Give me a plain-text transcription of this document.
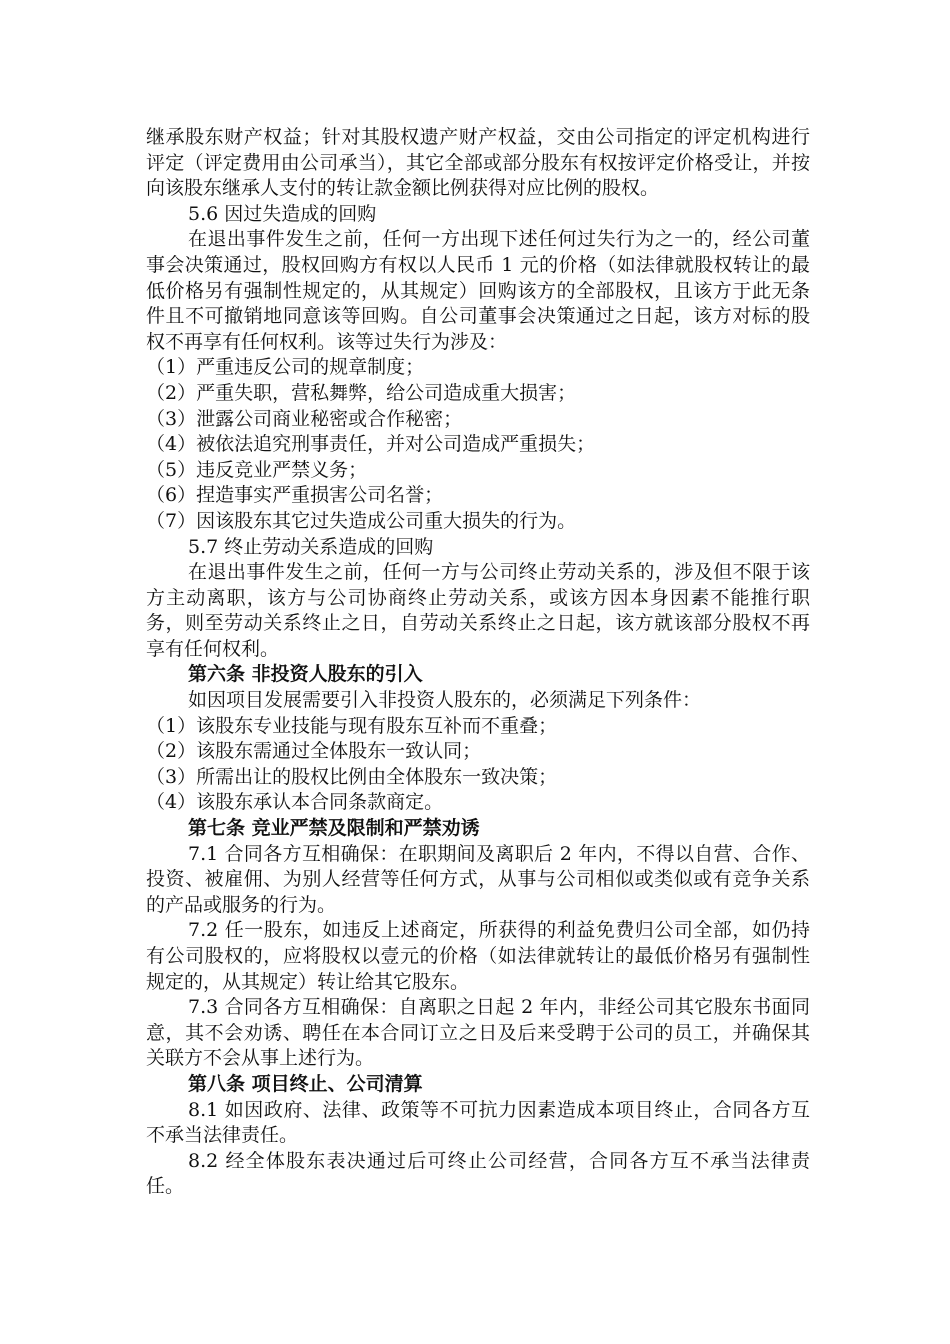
继承股东财产权益；针对其股权遗产财产权益，交由公司指定的评定机构进行评定（评定费用由公司承当），其它全部或部分股东有权按评定价格受让，并按向该股东继承人支付的转让款金额比例获得对应比例的股权。

5.6 因过失造成的回购

在退出事件发生之前，任何一方出现下述任何过失行为之一的，经公司董事会决策通过，股权回购方有权以人民币 1 元的价格（如法律就股权转让的最低价格另有强制性规定的，从其规定）回购该方的全部股权，且该方于此无条件且不可撤销地同意该等回购。自公司董事会决策通过之日起，该方对标的股权不再享有任何权利。该等过失行为涉及：

（1）严重违反公司的规章制度；

（2）严重失职，营私舞弊，给公司造成重大损害；

（3）泄露公司商业秘密或合作秘密；

（4）被依法追究刑事责任，并对公司造成严重损失；

（5）违反竞业严禁义务；

（6）捏造事实严重损害公司名誉；

（7）因该股东其它过失造成公司重大损失的行为。

5.7 终止劳动关系造成的回购

在退出事件发生之前，任何一方与公司终止劳动关系的，涉及但不限于该方主动离职，该方与公司协商终止劳动关系，或该方因本身因素不能推行职务，则至劳动关系终止之日，自劳动关系终止之日起，该方就该部分股权不再享有任何权利。

第六条 非投资人股东的引入

如因项目发展需要引入非投资人股东的，必须满足下列条件：

（1）该股东专业技能与现有股东互补而不重叠；

（2）该股东需通过全体股东一致认同；

（3）所需出让的股权比例由全体股东一致决策；

（4）该股东承认本合同条款商定。

第七条 竞业严禁及限制和严禁劝诱

7.1 合同各方互相确保：在职期间及离职后 2 年内，不得以自营、合作、投资、被雇佣、为别人经营等任何方式，从事与公司相似或类似或有竞争关系的产品或服务的行为。

7.2 任一股东，如违反上述商定，所获得的利益免费归公司全部，如仍持有公司股权的，应将股权以壹元的价格（如法律就转让的最低价格另有强制性规定的，从其规定）转让给其它股东。

7.3 合同各方互相确保：自离职之日起 2 年内，非经公司其它股东书面同意，其不会劝诱、聘任在本合同订立之日及后来受聘于公司的员工，并确保其关联方不会从事上述行为。

第八条 项目终止、公司清算

8.1 如因政府、法律、政策等不可抗力因素造成本项目终止，合同各方互不承当法律责任。

8.2 经全体股东表决通过后可终止公司经营，合同各方互不承当法律责任。
